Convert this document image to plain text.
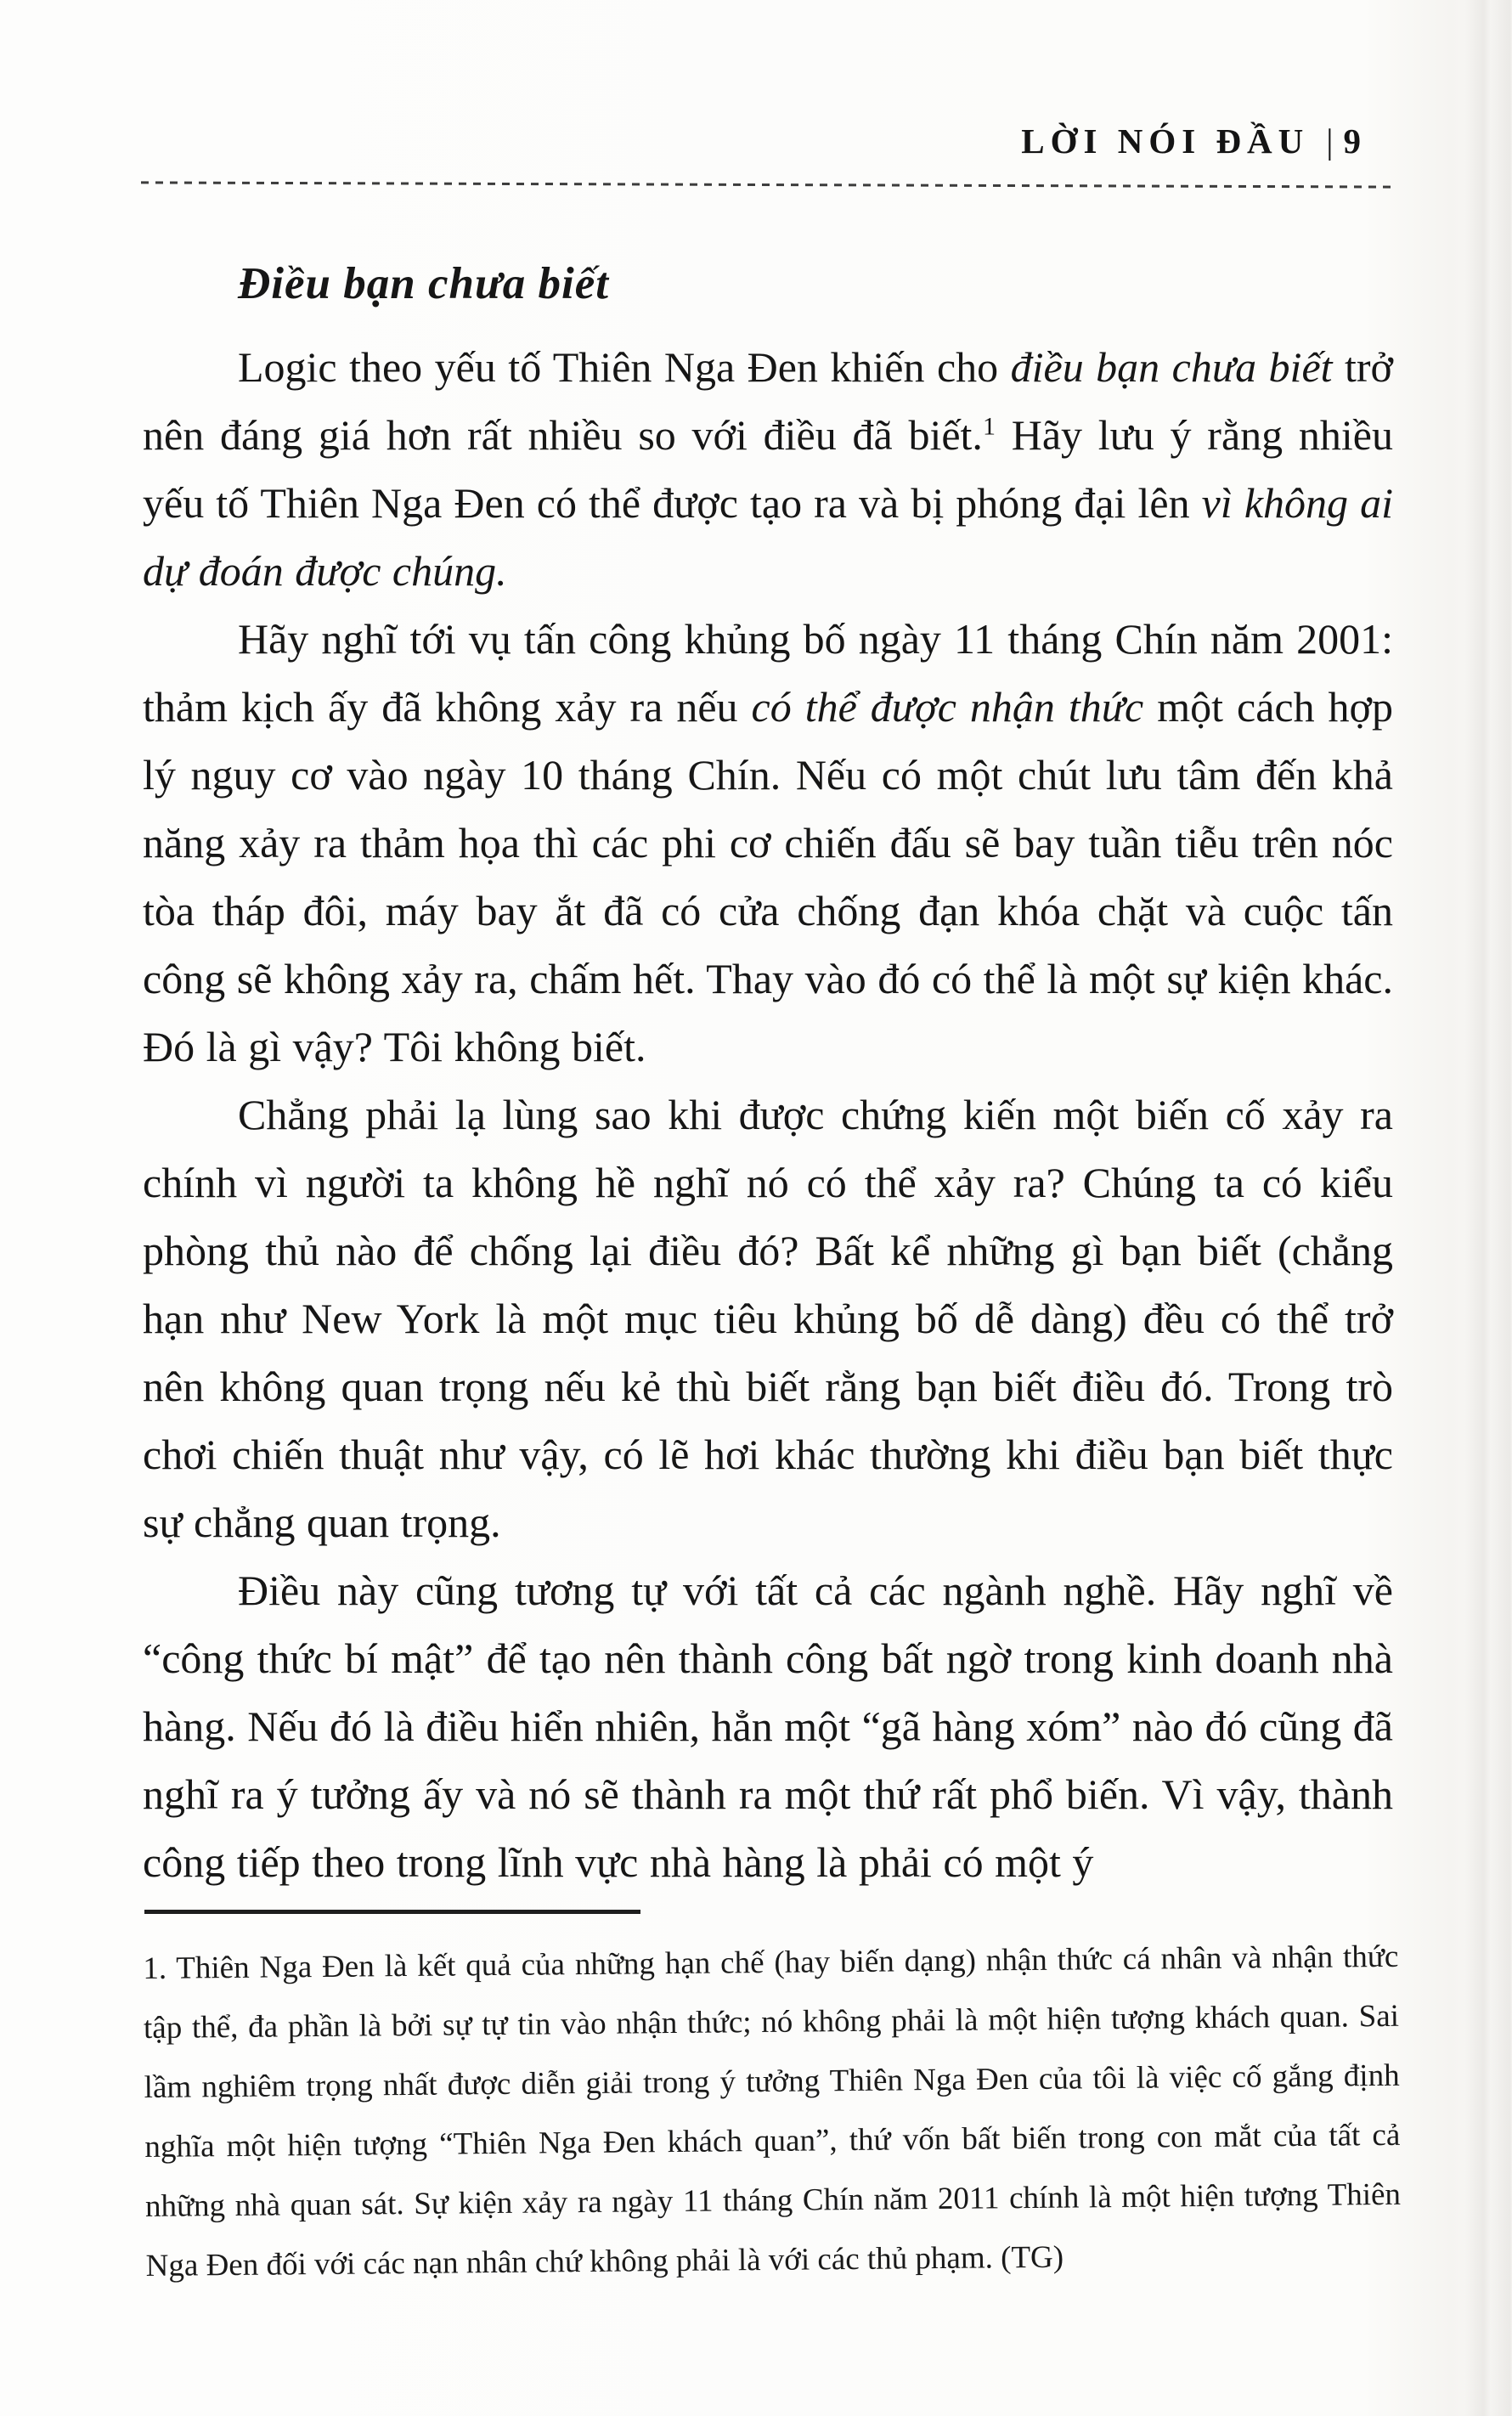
LỜI NÓI ĐẦU | 9
Điều bạn chưa biết

Logic theo yếu tố Thiên Nga Đen khiến cho điều bạn chưa biết trở nên đáng giá hơn rất nhiều so với điều đã biết.$^1$ Hãy lưu ý rằng nhiều yếu tố Thiên Nga Đen có thể được tạo ra và bị phóng đại lên vì không ai dự đoán được chúng.

Hãy nghĩ tới vụ tấn công khủng bố ngày 11 tháng Chín năm 2001: thảm kịch ấy đã không xảy ra nếu có thể được nhận thức một cách hợp lý nguy cơ vào ngày 10 tháng Chín. Nếu có một chút lưu tâm đến khả năng xảy ra thảm họa thì các phi cơ chiến đấu sẽ bay tuần tiễu trên nóc tòa tháp đôi, máy bay ắt đã có cửa chống đạn khóa chặt và cuộc tấn công sẽ không xảy ra, chấm hết. Thay vào đó có thể là một sự kiện khác. Đó là gì vậy? Tôi không biết.

Chẳng phải lạ lùng sao khi được chứng kiến một biến cố xảy ra chính vì người ta không hề nghĩ nó có thể xảy ra? Chúng ta có kiểu phòng thủ nào để chống lại điều đó? Bất kể những gì bạn biết (chẳng hạn như New York là một mục tiêu khủng bố dễ dàng) đều có thể trở nên không quan trọng nếu kẻ thù biết rằng bạn biết điều đó. Trong trò chơi chiến thuật như vậy, có lẽ hơi khác thường khi điều bạn biết thực sự chẳng quan trọng.

Điều này cũng tương tự với tất cả các ngành nghề. Hãy nghĩ về “công thức bí mật” để tạo nên thành công bất ngờ trong kinh doanh nhà hàng. Nếu đó là điều hiển nhiên, hẳn một “gã hàng xóm” nào đó cũng đã nghĩ ra ý tưởng ấy và nó sẽ thành ra một thứ rất phổ biến. Vì vậy, thành công tiếp theo trong lĩnh vực nhà hàng là phải có một ý

1. Thiên Nga Đen là kết quả của những hạn chế (hay biến dạng) nhận thức cá nhân và nhận thức tập thể, đa phần là bởi sự tự tin vào nhận thức; nó không phải là một hiện tượng khách quan. Sai lầm nghiêm trọng nhất được diễn giải trong ý tưởng Thiên Nga Đen của tôi là việc cố gắng định nghĩa một hiện tượng “Thiên Nga Đen khách quan”, thứ vốn bất biến trong con mắt của tất cả những nhà quan sát. Sự kiện xảy ra ngày 11 tháng Chín năm 2011 chính là một hiện tượng Thiên Nga Đen đối với các nạn nhân chứ không phải là với các thủ phạm. (TG)
